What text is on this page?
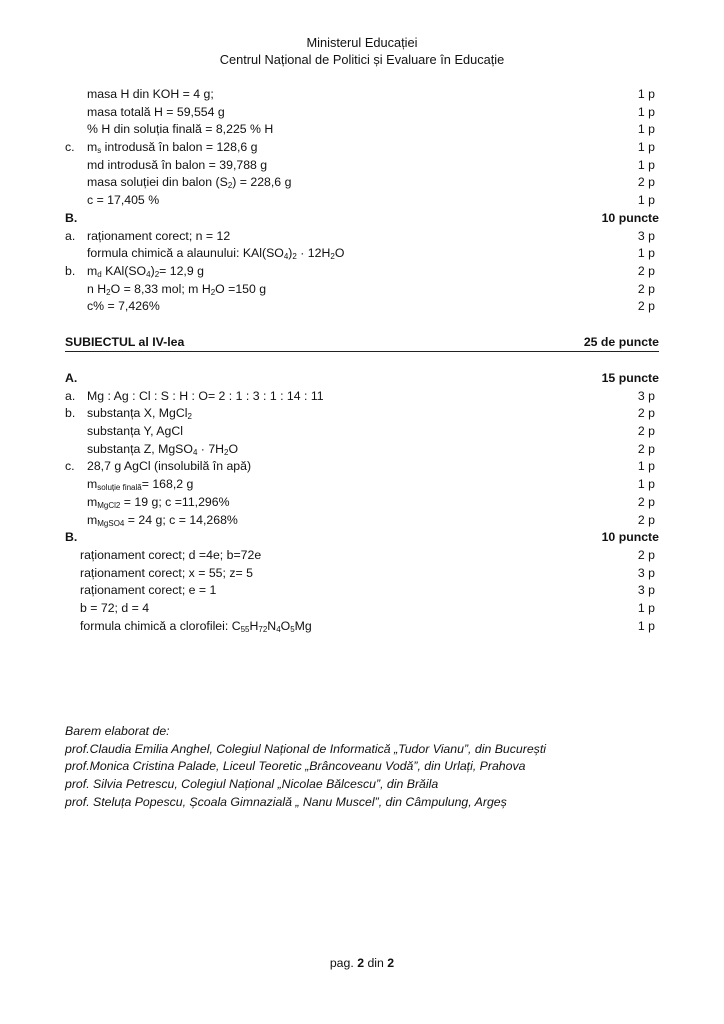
Ministerul Educației
Centrul Național de Politici și Evaluare în Educație
masa H din KOH = 4 g;	1 p
masa totală H = 59,554 g	1 p
% H din soluția finală = 8,225 % H	1 p
c. $m_s$ introdusă în balon = 128,6 g	1 p
md introdusă în balon = 39,788 g	1 p
masa soluției din balon $(S_2) = 228,6$ g	2 p
c = 17,405 %	1 p
B.	10 puncte
a. raționament corect; n = 12	3 p
formula chimică a alaunului: $KAl(SO_4)_2 \cdot 12H_2O$	1 p
b. $m_d$ $KAl(SO_4)_2= 12,9$ g	2 p
n $H_2O = 8,33$ mol; m $H_2O =150$ g	2 p
c% = 7,426%	2 p
SUBIECTUL al IV-lea	25 de puncte
A.	15 puncte
a. Mg : Ag : Cl : S : H : O= 2 : 1 : 3 : 1 : 14 : 11	3 p
b. substanța X, MgCl$_2$	2 p
substanța Y, AgCl	2 p
substanța Z, MgSO$_4$ · $7H_2O$	2 p
c. 28,7 g AgCl (insolubilă în apă)	1 p
$m_{soluție finală}= 168,2$ g	1 p
$m_{MgCl2} = 19$ g; c =11,296%	2 p
$m_{MgSO4} = 24$ g; c = 14,268%	2 p
B.	10 puncte
raționament corect; d =4e; b=72e	2 p
raționament corect; x = 55; z= 5	3 p
raționament corect; e = 1	3 p
b = 72; d = 4	1 p
formula chimică a clorofilei: $C_{55}H_{72}N_4O_5Mg$	1 p
Barem elaborat de:
prof.Claudia Emilia Anghel, Colegiul Național de Informatică „Tudor Vianu”, din București
prof.Monica Cristina Palade, Liceul Teoretic „Brâncoveanu Vodă”, din Urlați, Prahova
prof. Silvia Petrescu, Colegiul Național „Nicolae Bălcescu”, din Brăila
prof. Steluța Popescu, Școala Gimnazială „ Nanu Muscel”, din Câmpulung, Argeș
pag. 2 din 2
